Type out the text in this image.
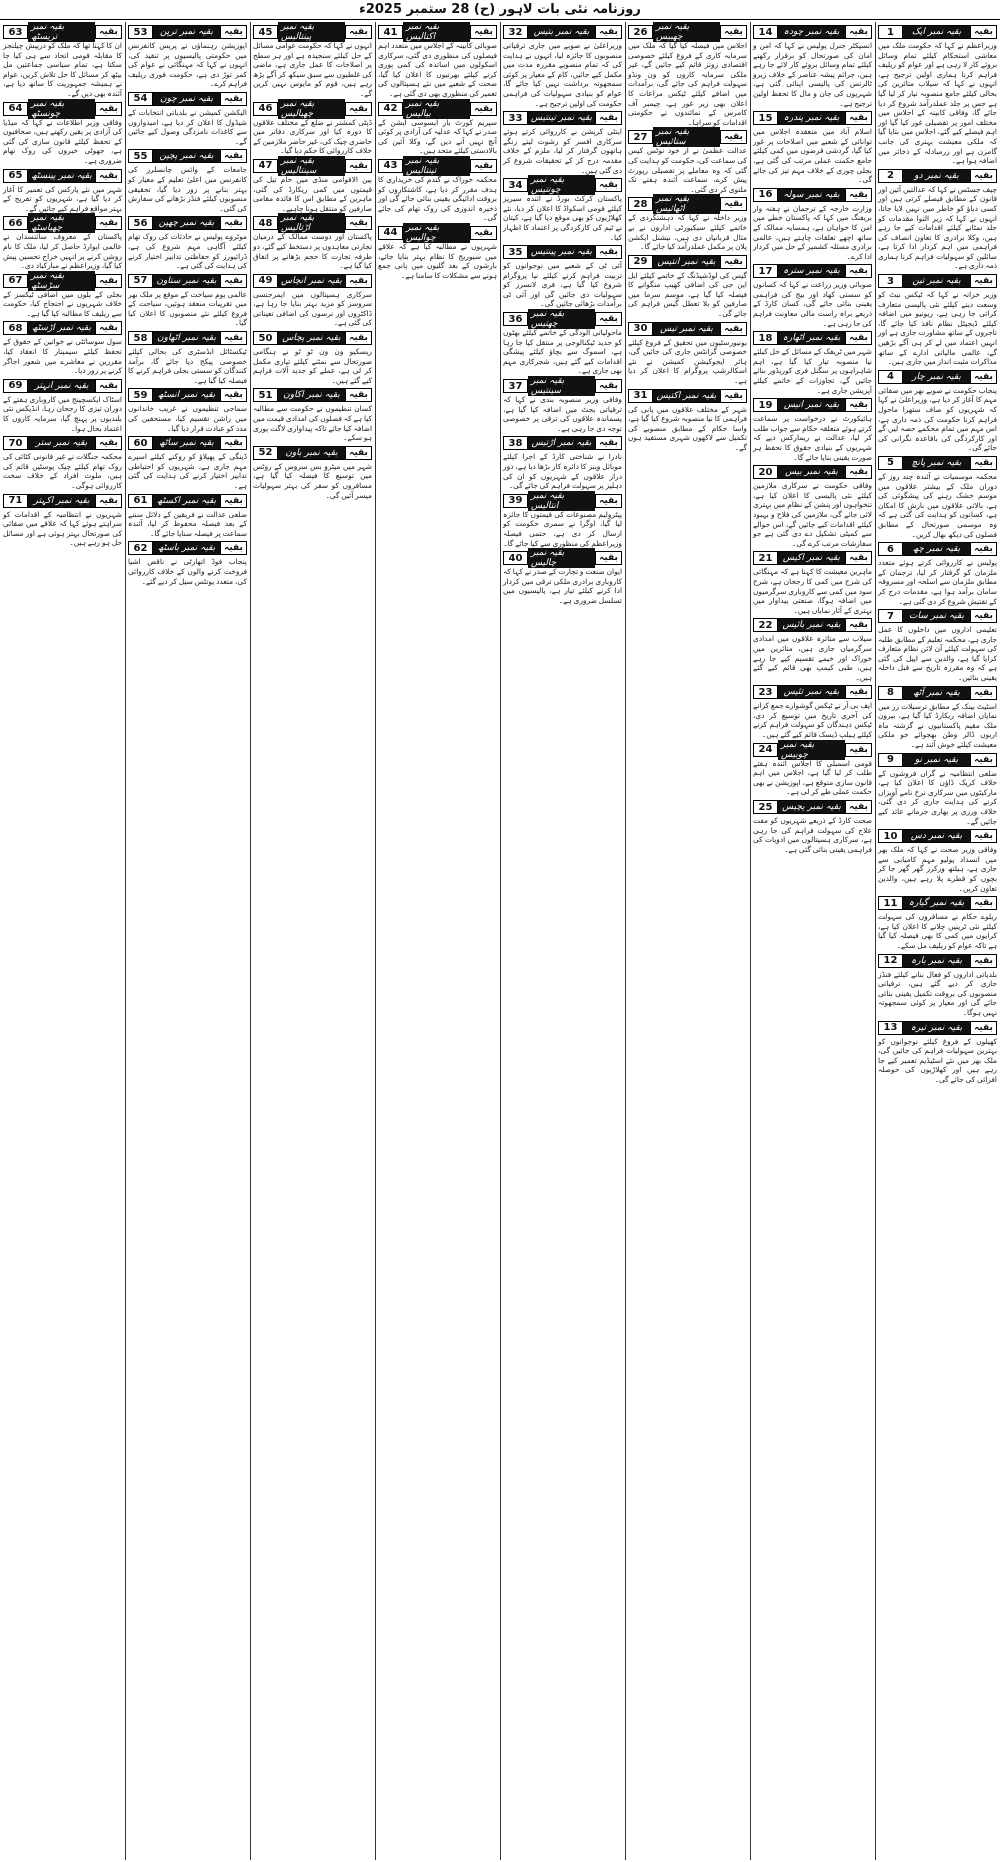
روزنامہ نئی بات لاہور (ح) 28 ستمبر 2025ء
1	بقیہ نمبر ایک	بقیہ
وزیراعظم نے کہا کہ حکومت ملک میں معاشی استحکام کیلئے تمام وسائل بروئے کار لا رہی ہے اور عوام کو ریلیف فراہم کرنا ہماری اولین ترجیح ہے، انہوں نے کہا کہ سیلاب متاثرین کی بحالی کیلئے جامع منصوبہ تیار کر لیا گیا ہے جس پر جلد عملدرآمد شروع کر دیا جائے گا، وفاقی کابینہ کے اجلاس میں مختلف امور پر تفصیلی غور کیا گیا اور اہم فیصلے کیے گئے، اجلاس میں بتایا گیا کہ ملکی معیشت بہتری کی جانب گامزن ہے اور زرمبادلہ کے ذخائر میں اضافہ ہوا ہے۔
2	بقیہ نمبر دو	بقیہ
چیف جسٹس نے کہا کہ عدالتیں آئین اور قانون کے مطابق فیصلے کرتی ہیں اور کسی دباؤ کو خاطر میں نہیں لایا جاتا، انہوں نے کہا کہ زیر التوا مقدمات کو جلد نمٹانے کیلئے اقدامات کیے جا رہے ہیں، وکلا برادری کا تعاون انصاف کی فراہمی میں اہم کردار ادا کرتا ہے، سائلین کو سہولیات فراہم کرنا ہماری ذمہ داری ہے۔
3	بقیہ نمبر تین	بقیہ
وزیر خزانہ نے کہا کہ ٹیکس نیٹ کو وسعت دینے کیلئے نئی پالیسی متعارف کرائی جا رہی ہے، ریونیو میں اضافہ کیلئے ڈیجیٹل نظام نافذ کیا جائے گا، تاجروں کے ساتھ مشاورت جاری ہے اور انہیں اعتماد میں لے کر ہی آگے بڑھیں گے، عالمی مالیاتی ادارے کے ساتھ مذاکرات مثبت انداز میں جاری ہیں۔
4	بقیہ نمبر چار	بقیہ
پنجاب حکومت نے صوبے بھر میں صفائی مہم کا آغاز کر دیا ہے، وزیراعلیٰ نے کہا کہ شہریوں کو صاف ستھرا ماحول فراہم کرنا حکومت کی ذمہ داری ہے، اس مہم میں تمام محکمے حصہ لیں گے اور کارکردگی کی باقاعدہ نگرانی کی جائے گی۔
5	بقیہ نمبر پانچ	بقیہ
محکمہ موسمیات نے آئندہ چند روز کے دوران ملک کے بیشتر علاقوں میں موسم خشک رہنے کی پیشگوئی کی ہے، بالائی علاقوں میں بارش کا امکان ہے، کسانوں کو ہدایت کی گئی ہے کہ وہ موسمی صورتحال کے مطابق فصلوں کی دیکھ بھال کریں۔
6	بقیہ نمبر چھ	بقیہ
پولیس نے کارروائی کرتے ہوئے متعدد ملزمان کو گرفتار کر لیا، ترجمان کے مطابق ملزمان سے اسلحہ اور مسروقہ سامان برآمد ہوا ہے، مقدمات درج کر کے تفتیش شروع کر دی گئی ہے۔
7	بقیہ نمبر سات	بقیہ
تعلیمی اداروں میں داخلوں کا عمل جاری ہے، محکمہ تعلیم کے مطابق طلبہ کی سہولت کیلئے آن لائن نظام متعارف کرایا گیا ہے، والدین سے اپیل کی گئی ہے کہ وہ مقررہ تاریخ سے قبل داخلہ یقینی بنائیں۔
8	بقیہ نمبر آٹھ	بقیہ
اسٹیٹ بینک کے مطابق ترسیلات زر میں نمایاں اضافہ ریکارڈ کیا گیا ہے، بیرون ملک مقیم پاکستانیوں نے گزشتہ ماہ اربوں ڈالر وطن بھجوائے جو ملکی معیشت کیلئے خوش آئند ہے۔
9	بقیہ نمبر نو	بقیہ
ضلعی انتظامیہ نے گراں فروشوں کے خلاف کریک ڈاؤن کا اعلان کیا ہے، مارکیٹوں میں سرکاری نرخ نامے آویزاں کرنے کی ہدایت جاری کر دی گئی، خلاف ورزی پر بھاری جرمانے عائد کیے جائیں گے۔
10	بقیہ نمبر دس	بقیہ
وفاقی وزیر صحت نے کہا کہ ملک بھر میں انسداد پولیو مہم کامیابی سے جاری ہے، ہیلتھ ورکرز گھر گھر جا کر بچوں کو قطرے پلا رہے ہیں، والدین تعاون کریں۔
11	بقیہ نمبر گیارہ	بقیہ
ریلوے حکام نے مسافروں کی سہولت کیلئے نئی ٹرینیں چلانے کا اعلان کیا ہے، کرایوں میں کمی کا بھی فیصلہ کیا گیا ہے تاکہ عوام کو ریلیف مل سکے۔
12	بقیہ نمبر بارہ	بقیہ
بلدیاتی اداروں کو فعال بنانے کیلئے فنڈز جاری کر دیے گئے ہیں، ترقیاتی منصوبوں کی بروقت تکمیل یقینی بنائی جائے گی اور معیار پر کوئی سمجھوتہ نہیں ہوگا۔
13	بقیہ نمبر تیرہ	بقیہ
کھیلوں کے فروغ کیلئے نوجوانوں کو بہترین سہولیات فراہم کی جائیں گی، ملک بھر میں نئے اسٹیڈیم تعمیر کیے جا رہے ہیں اور کھلاڑیوں کی حوصلہ افزائی کی جائے گی۔
14	بقیہ نمبر چودہ	بقیہ
انسپکٹر جنرل پولیس نے کہا کہ امن و امان کی صورتحال کو برقرار رکھنے کیلئے تمام وسائل بروئے کار لائے جا رہے ہیں، جرائم پیشہ عناصر کے خلاف زیرو ٹالرنس کی پالیسی اپنائی گئی ہے، شہریوں کی جان و مال کا تحفظ اولین ترجیح ہے۔
15	بقیہ نمبر پندرہ	بقیہ
اسلام آباد میں منعقدہ اجلاس میں توانائی کے شعبے میں اصلاحات پر غور کیا گیا، گردشی قرضوں میں کمی کیلئے جامع حکمت عملی مرتب کی گئی ہے، بجلی چوری کے خلاف مہم تیز کی جائے گی۔
16	بقیہ نمبر سولہ	بقیہ
وزارت خارجہ کے ترجمان نے ہفتہ وار بریفنگ میں کہا کہ پاکستان خطے میں امن کا خواہاں ہے، ہمسایہ ممالک کے ساتھ اچھے تعلقات چاہتے ہیں، عالمی برادری مسئلہ کشمیر کے حل میں کردار ادا کرے۔
17	بقیہ نمبر سترہ	بقیہ
صوبائی وزیر زراعت نے کہا کہ کسانوں کو سستی کھاد اور بیج کی فراہمی یقینی بنائی جائے گی، کسان کارڈ کے ذریعے براہ راست مالی معاونت فراہم کی جا رہی ہے۔
18	بقیہ نمبر اٹھارہ بقیہ
شہر میں ٹریفک کے مسائل کے حل کیلئے نیا منصوبہ تیار کیا گیا ہے، اہم شاہراہوں پر سگنل فری کوریڈور بنائے جائیں گے، تجاوزات کے خاتمے کیلئے آپریشن جاری ہے۔
19	بقیہ نمبر انیس	بقیہ
ہائیکورٹ نے درخواست پر سماعت کرتے ہوئے متعلقہ حکام سے جواب طلب کر لیا، عدالت نے ریمارکس دیے کہ شہریوں کے بنیادی حقوق کا تحفظ ہر صورت یقینی بنایا جائے گا۔
20	بقیہ نمبر بیس	بقیہ
وفاقی حکومت نے سرکاری ملازمین کیلئے نئی پالیسی کا اعلان کیا ہے، تنخواہوں اور پنشن کے نظام میں بہتری لائی جائے گی، ملازمین کی فلاح و بہبود کیلئے اقدامات کیے جائیں گے، اس حوالے سے کمیٹی تشکیل دے دی گئی ہے جو سفارشات مرتب کرے گی۔
21	بقیہ نمبر اکیس	بقیہ
ماہرین معیشت کا کہنا ہے کہ مہنگائی کی شرح میں کمی کا رجحان ہے، شرح سود میں کمی سے کاروباری سرگرمیوں میں اضافہ ہوگا، صنعتی پیداوار میں بہتری کے آثار نمایاں ہیں۔
22	بقیہ نمبر بائیس بقیہ
سیلاب سے متاثرہ علاقوں میں امدادی سرگرمیاں جاری ہیں، متاثرین میں خوراک اور خیمے تقسیم کیے جا رہے ہیں، طبی کیمپ بھی قائم کیے گئے ہیں۔
23	بقیہ نمبر تئیس	بقیہ
ایف بی آر نے ٹیکس گوشوارے جمع کرانے کی آخری تاریخ میں توسیع کر دی، ٹیکس دہندگان کو سہولت فراہم کرنے کیلئے ہیلپ ڈیسک قائم کیے گئے ہیں۔
24 بقیہ نمبر چوبیس	بقیہ
قومی اسمبلی کا اجلاس آئندہ ہفتے طلب کر لیا گیا ہے، اجلاس میں اہم قانون سازی متوقع ہے، اپوزیشن نے بھی حکمت عملی طے کر لی ہے۔
25	بقیہ نمبر پچیس بقیہ
صحت کارڈ کے ذریعے شہریوں کو مفت علاج کی سہولت فراہم کی جا رہی ہے، سرکاری ہسپتالوں میں ادویات کی فراہمی یقینی بنائی گئی ہے۔
26 بقیہ نمبر چھبیس	بقیہ
اجلاس میں فیصلہ کیا گیا کہ ملک میں سرمایہ کاری کے فروغ کیلئے خصوصی اقتصادی زونز قائم کیے جائیں گے، غیر ملکی سرمایہ کاروں کو ون ونڈو سہولت فراہم کی جائے گی، برآمدات میں اضافے کیلئے ٹیکس مراعات کا اعلان بھی زیر غور ہے، چیمبر آف کامرس کے نمائندوں نے حکومتی اقدامات کو سراہا۔
27 بقیہ نمبر ستائیس	بقیہ
عدالت عظمیٰ نے از خود نوٹس کیس کی سماعت کی، حکومت کو ہدایت کی گئی کہ وہ معاملے پر تفصیلی رپورٹ پیش کرے، سماعت آئندہ ہفتے تک ملتوی کر دی گئی۔
28 بقیہ نمبر اٹھائیس	بقیہ
وزیر داخلہ نے کہا کہ دہشتگردی کے خاتمے کیلئے سیکیورٹی اداروں نے بے مثال قربانیاں دی ہیں، نیشنل ایکشن پلان پر مکمل عملدرآمد کیا جائے گا۔
29	بقیہ نمبر انتیس بقیہ
گیس کی لوڈشیڈنگ کے خاتمے کیلئے ایل این جی کی اضافی کھیپ منگوانے کا فیصلہ کیا گیا ہے، موسم سرما میں صارفین کو بلا تعطل گیس فراہم کی جائے گی۔
30	بقیہ نمبر تیس	بقیہ
یونیورسٹیوں میں تحقیق کے فروغ کیلئے خصوصی گرانٹس جاری کی جائیں گی، ہائر ایجوکیشن کمیشن نے نئے اسکالرشپ پروگرام کا اعلان کر دیا ہے۔
31	بقیہ نمبر اکتیس بقیہ
شہر کے مختلف علاقوں میں پانی کی فراہمی کا نیا منصوبہ شروع کیا گیا ہے، واسا حکام کے مطابق منصوبے کی تکمیل سے لاکھوں شہری مستفید ہوں گے۔
32	بقیہ نمبر بتیس	بقیہ
وزیراعلیٰ نے صوبے میں جاری ترقیاتی منصوبوں کا جائزہ لیا، انہوں نے ہدایت کی کہ تمام منصوبے مقررہ مدت میں مکمل کیے جائیں، کام کے معیار پر کوئی سمجھوتہ برداشت نہیں کیا جائے گا، عوام کو بنیادی سہولیات کی فراہمی حکومت کی اولین ترجیح ہے۔
33 بقیہ نمبر تینتیس بقیہ
اینٹی کرپشن نے کارروائی کرتے ہوئے سرکاری افسر کو رشوت لیتے رنگے ہاتھوں گرفتار کر لیا، ملزم کے خلاف مقدمہ درج کر کے تحقیقات شروع کر دی گئی ہیں۔
34 بقیہ نمبر چونتیس	بقیہ
پاکستان کرکٹ بورڈ نے آئندہ سیریز کیلئے قومی اسکواڈ کا اعلان کر دیا، نئے کھلاڑیوں کو بھی موقع دیا گیا ہے، کپتان نے ٹیم کی کارکردگی پر اعتماد کا اظہار کیا۔
35 بقیہ نمبر پینتیس بقیہ
آئی ٹی کے شعبے میں نوجوانوں کو تربیت فراہم کرنے کیلئے نیا پروگرام شروع کیا گیا ہے، فری لانسرز کو سہولیات دی جائیں گی اور آئی ٹی برآمدات بڑھائی جائیں گی۔
36 بقیہ نمبر چھتیس	بقیہ
ماحولیاتی آلودگی کے خاتمے کیلئے بھٹوں کو جدید ٹیکنالوجی پر منتقل کیا جا رہا ہے، اسموگ سے بچاؤ کیلئے پیشگی اقدامات کیے گئے ہیں، شجرکاری مہم بھی جاری ہے۔
37 بقیہ نمبر سینتیس	بقیہ
وفاقی وزیر منصوبہ بندی نے کہا کہ ترقیاتی بجٹ میں اضافہ کیا گیا ہے، پسماندہ علاقوں کی ترقی پر خصوصی توجہ دی جا رہی ہے۔
38	بقیہ نمبر اڑتیس بقیہ
نادرا نے شناختی کارڈ کے اجرا کیلئے موبائل وینز کا دائرہ کار بڑھا دیا ہے، دور دراز علاقوں کے شہریوں کو ان کی دہلیز پر سہولت فراہم کی جائے گی۔
39 بقیہ نمبر انتالیس	بقیہ
پیٹرولیم مصنوعات کی قیمتوں کا جائزہ لیا گیا، اوگرا نے سمری حکومت کو ارسال کر دی ہے، حتمی فیصلہ وزیراعظم کی منظوری سے کیا جائے گا۔
40 بقیہ نمبر چالیس	بقیہ
ایوان صنعت و تجارت کے صدر نے کہا کہ کاروباری برادری ملکی ترقی میں کردار ادا کرنے کیلئے تیار ہے، پالیسیوں میں تسلسل ضروری ہے۔
41 بقیہ نمبر اکتالیس	بقیہ
صوبائی کابینہ کے اجلاس میں متعدد اہم فیصلوں کی منظوری دی گئی، سرکاری اسکولوں میں اساتذہ کی کمی پوری کرنے کیلئے بھرتیوں کا اعلان کیا گیا، صحت کے شعبے میں نئے ہسپتالوں کی تعمیر کی منظوری بھی دی گئی ہے۔
42 بقیہ نمبر بیالیس	بقیہ
سپریم کورٹ بار ایسوسی ایشن کے صدر نے کہا کہ عدلیہ کی آزادی پر کوئی آنچ نہیں آنے دیں گے، وکلا آئین کی بالادستی کیلئے متحد ہیں۔
43 بقیہ نمبر تینتالیس	بقیہ
محکمہ خوراک نے گندم کی خریداری کا ہدف مقرر کر دیا ہے، کاشتکاروں کو بروقت ادائیگی یقینی بنائی جائے گی اور ذخیرہ اندوزی کی روک تھام کی جائے گی۔
44 بقیہ نمبر چوالیس	بقیہ
شہریوں نے مطالبہ کیا ہے کہ علاقے میں سیوریج کا نظام بہتر بنایا جائے، بارشوں کے بعد گلیوں میں پانی جمع ہونے سے مشکلات کا سامنا ہے۔
45 بقیہ نمبر پینتالیس	بقیہ
انہوں نے کہا کہ حکومت عوامی مسائل کے حل کیلئے سنجیدہ ہے اور ہر سطح پر اصلاحات کا عمل جاری ہے، ماضی کی غلطیوں سے سبق سیکھ کر آگے بڑھ رہے ہیں، قوم کو مایوس نہیں کریں گے۔
46 بقیہ نمبر چھیالیس	بقیہ
ڈپٹی کمشنر نے ضلع کے مختلف علاقوں کا دورہ کیا اور سرکاری دفاتر میں حاضری چیک کی، غیر حاضر ملازمین کے خلاف کارروائی کا حکم دیا گیا۔
47 بقیہ نمبر سینتالیس	بقیہ
بین الاقوامی منڈی میں خام تیل کی قیمتوں میں کمی ریکارڈ کی گئی، ماہرین کے مطابق اس کا فائدہ مقامی صارفین کو منتقل ہونا چاہیے۔
48 بقیہ نمبر اڑتالیس	بقیہ
پاکستان اور دوست ممالک کے درمیان تجارتی معاہدوں پر دستخط کیے گئے، دو طرفہ تجارت کا حجم بڑھانے پر اتفاق کیا گیا ہے۔
49 بقیہ نمبر انچاس بقیہ
سرکاری ہسپتالوں میں ایمرجنسی سروسز کو مزید بہتر بنایا جا رہا ہے، ڈاکٹروں اور نرسوں کی اضافی تعیناتی کی گئی ہے۔
50	بقیہ نمبر پچاس بقیہ
ریسکیو ون ون ٹو ٹو نے ہنگامی صورتحال سے نمٹنے کیلئے تیاری مکمل کر لی ہے، عملے کو جدید آلات فراہم کیے گئے ہیں۔
51	بقیہ نمبر اکاون	بقیہ
کسان تنظیموں نے حکومت سے مطالبہ کیا ہے کہ فصلوں کی امدادی قیمت میں اضافہ کیا جائے تاکہ پیداواری لاگت پوری ہو سکے۔
52	بقیہ نمبر باون	بقیہ
شہر میں میٹرو بس سروس کے روٹس میں توسیع کا فیصلہ کیا گیا ہے، مسافروں کو سفر کی بہتر سہولیات میسر آئیں گی۔
53	بقیہ نمبر ترپن	بقیہ
اپوزیشن رہنماؤں نے پریس کانفرنس میں حکومتی پالیسیوں پر تنقید کی، انہوں نے کہا کہ مہنگائی نے عوام کی کمر توڑ دی ہے، حکومت فوری ریلیف فراہم کرے۔
54	بقیہ نمبر چون	بقیہ
الیکشن کمیشن نے بلدیاتی انتخابات کے شیڈول کا اعلان کر دیا ہے، امیدواروں سے کاغذات نامزدگی وصول کیے جائیں گے۔
55	بقیہ نمبر پچپن	بقیہ
جامعات کے وائس چانسلرز کی کانفرنس میں اعلیٰ تعلیم کے معیار کو بہتر بنانے پر زور دیا گیا، تحقیقی منصوبوں کیلئے فنڈز بڑھانے کی سفارش کی گئی۔
56	بقیہ نمبر چھپن	بقیہ
موٹروے پولیس نے حادثات کی روک تھام کیلئے آگاہی مہم شروع کی ہے، ڈرائیورز کو حفاظتی تدابیر اختیار کرنے کی ہدایت کی گئی ہے۔
57 بقیہ نمبر ستاون بقیہ
عالمی یوم سیاحت کے موقع پر ملک بھر میں تقریبات منعقد ہوئیں، سیاحت کے فروغ کیلئے نئے منصوبوں کا اعلان کیا گیا۔
58	بقیہ نمبر اٹھاون بقیہ
ٹیکسٹائل انڈسٹری کی بحالی کیلئے خصوصی پیکج دیا جائے گا، برآمد کنندگان کو سستی بجلی فراہم کرنے کا فیصلہ کیا گیا ہے۔
59	بقیہ نمبر انسٹھ بقیہ
سماجی تنظیموں نے غریب خاندانوں میں راشن تقسیم کیا، مستحقین کی مدد کو عبادت قرار دیا گیا۔
60	بقیہ نمبر ساٹھ	بقیہ
ڈینگی کے پھیلاؤ کو روکنے کیلئے اسپرے مہم جاری ہے، شہریوں کو احتیاطی تدابیر اختیار کرنے کی ہدایت کی گئی ہے۔
61	بقیہ نمبر اکسٹھ بقیہ
ضلعی عدالت نے فریقین کے دلائل سننے کے بعد فیصلہ محفوظ کر لیا، آئندہ سماعت پر فیصلہ سنایا جائے گا۔
62	بقیہ نمبر باسٹھ بقیہ
پنجاب فوڈ اتھارٹی نے ناقص اشیا فروخت کرنے والوں کے خلاف کارروائی کی، متعدد یونٹس سیل کر دیے گئے۔
63 بقیہ نمبر تریسٹھ	بقیہ
ان کا کہنا تھا کہ ملک کو درپیش چیلنجز کا مقابلہ قومی اتحاد سے ہی کیا جا سکتا ہے، تمام سیاسی جماعتیں مل بیٹھ کر مسائل کا حل تلاش کریں، عوام نے ہمیشہ جمہوریت کا ساتھ دیا ہے، آئندہ بھی دیں گے۔
64 بقیہ نمبر چونسٹھ	بقیہ
وفاقی وزیر اطلاعات نے کہا کہ میڈیا کی آزادی پر یقین رکھتے ہیں، صحافیوں کے تحفظ کیلئے قانون سازی کی گئی ہے، جھوٹی خبروں کی روک تھام ضروری ہے۔
65 بقیہ نمبر پینسٹھ بقیہ
شہر میں نئے پارکس کی تعمیر کا آغاز کر دیا گیا ہے، شہریوں کو تفریح کے بہتر مواقع فراہم کیے جائیں گے۔
66 بقیہ نمبر چھیاسٹھ	بقیہ
پاکستان کے معروف سائنسدان نے عالمی ایوارڈ حاصل کر لیا، ملک کا نام روشن کرنے پر انہیں خراج تحسین پیش کیا گیا، وزیراعظم نے مبارکباد دی۔
67 بقیہ نمبر سڑسٹھ	بقیہ
بجلی کے بلوں میں اضافی ٹیکسز کے خلاف شہریوں نے احتجاج کیا، حکومت سے ریلیف کا مطالبہ کیا گیا ہے۔
68	بقیہ نمبر اڑسٹھ بقیہ
سول سوسائٹی نے خواتین کے حقوق کے تحفظ کیلئے سیمینار کا انعقاد کیا، مقررین نے معاشرے میں شعور اجاگر کرنے پر زور دیا۔
69	بقیہ نمبر انہتر	بقیہ
اسٹاک ایکسچینج میں کاروباری ہفتے کے دوران تیزی کا رجحان رہا، انڈیکس نئی بلندیوں پر پہنچ گیا، سرمایہ کاروں کا اعتماد بحال ہوا۔
70	بقیہ نمبر ستر	بقیہ
محکمہ جنگلات نے غیر قانونی کٹائی کی روک تھام کیلئے چیک پوسٹیں قائم کی ہیں، ملوث افراد کے خلاف سخت کارروائی ہوگی۔
71	بقیہ نمبر اکہتر	بقیہ
شہریوں نے انتظامیہ کے اقدامات کو سراہتے ہوئے کہا کہ علاقے میں صفائی کی صورتحال بہتر ہوئی ہے اور مسائل حل ہو رہے ہیں۔
